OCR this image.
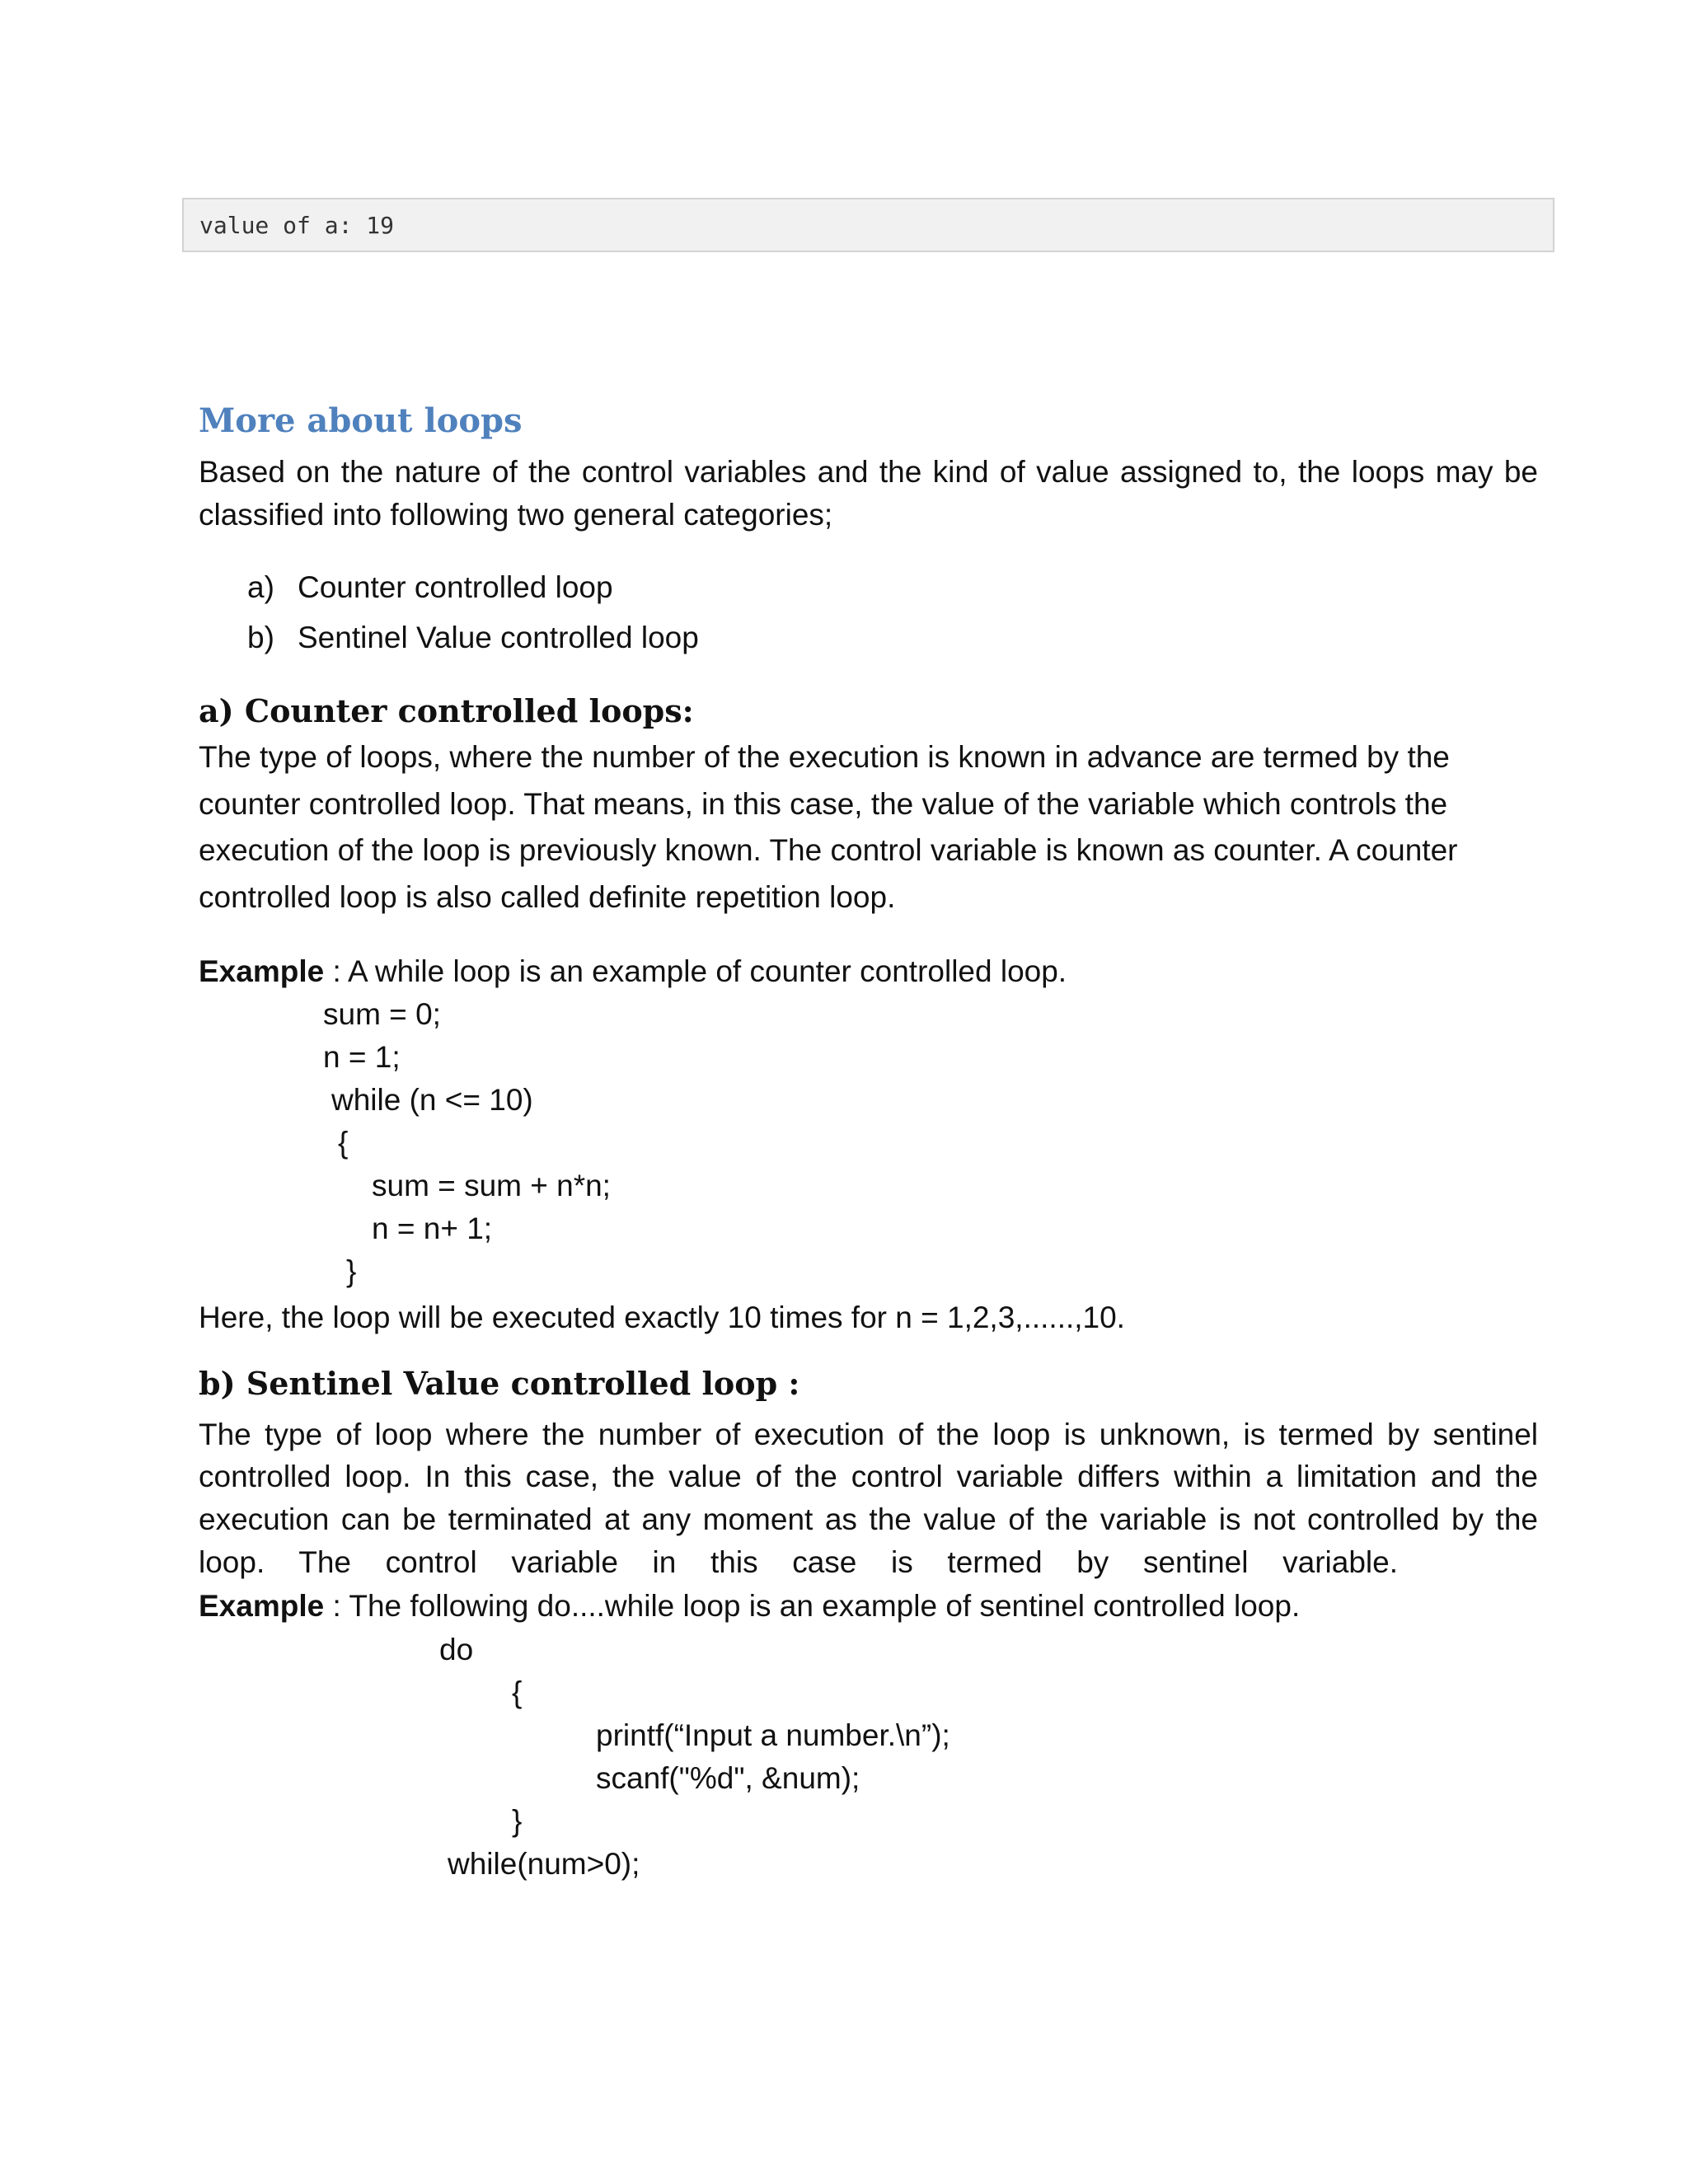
value of a: 19
More about loops
Based on the nature of the control variables and the kind of value assigned to, the loops may be
classified into following two general categories;
a) Counter controlled loop
b) Sentinel Value controlled loop
a) Counter controlled loops:
The type of loops, where the number of the execution is known in advance are termed by the
counter controlled loop. That means, in this case, the value of the variable which controls the
execution of the loop is previously known. The control variable is known as counter. A counter
controlled loop is also called definite repetition loop.
Example : A while loop is an example of counter controlled loop.
sum = 0;
n = 1;
while (n <= 10)
{
sum = sum + n*n;
n = n+ 1;
}
Here, the loop will be executed exactly 10 times for n = 1,2,3,......,10.
b) Sentinel Value controlled loop :
The type of loop where the number of execution of the loop is unknown, is termed by sentinel
controlled loop. In this case, the value of the control variable differs within a limitation and the
execution can be terminated at any moment as the value of the variable is not controlled by the
loop. The control variable in this case is termed by sentinel variable.
Example : The following do....while loop is an example of sentinel controlled loop.
do
{
printf(“Input a number.\n”);
scanf("%d", &num);
}
while(num>0);
